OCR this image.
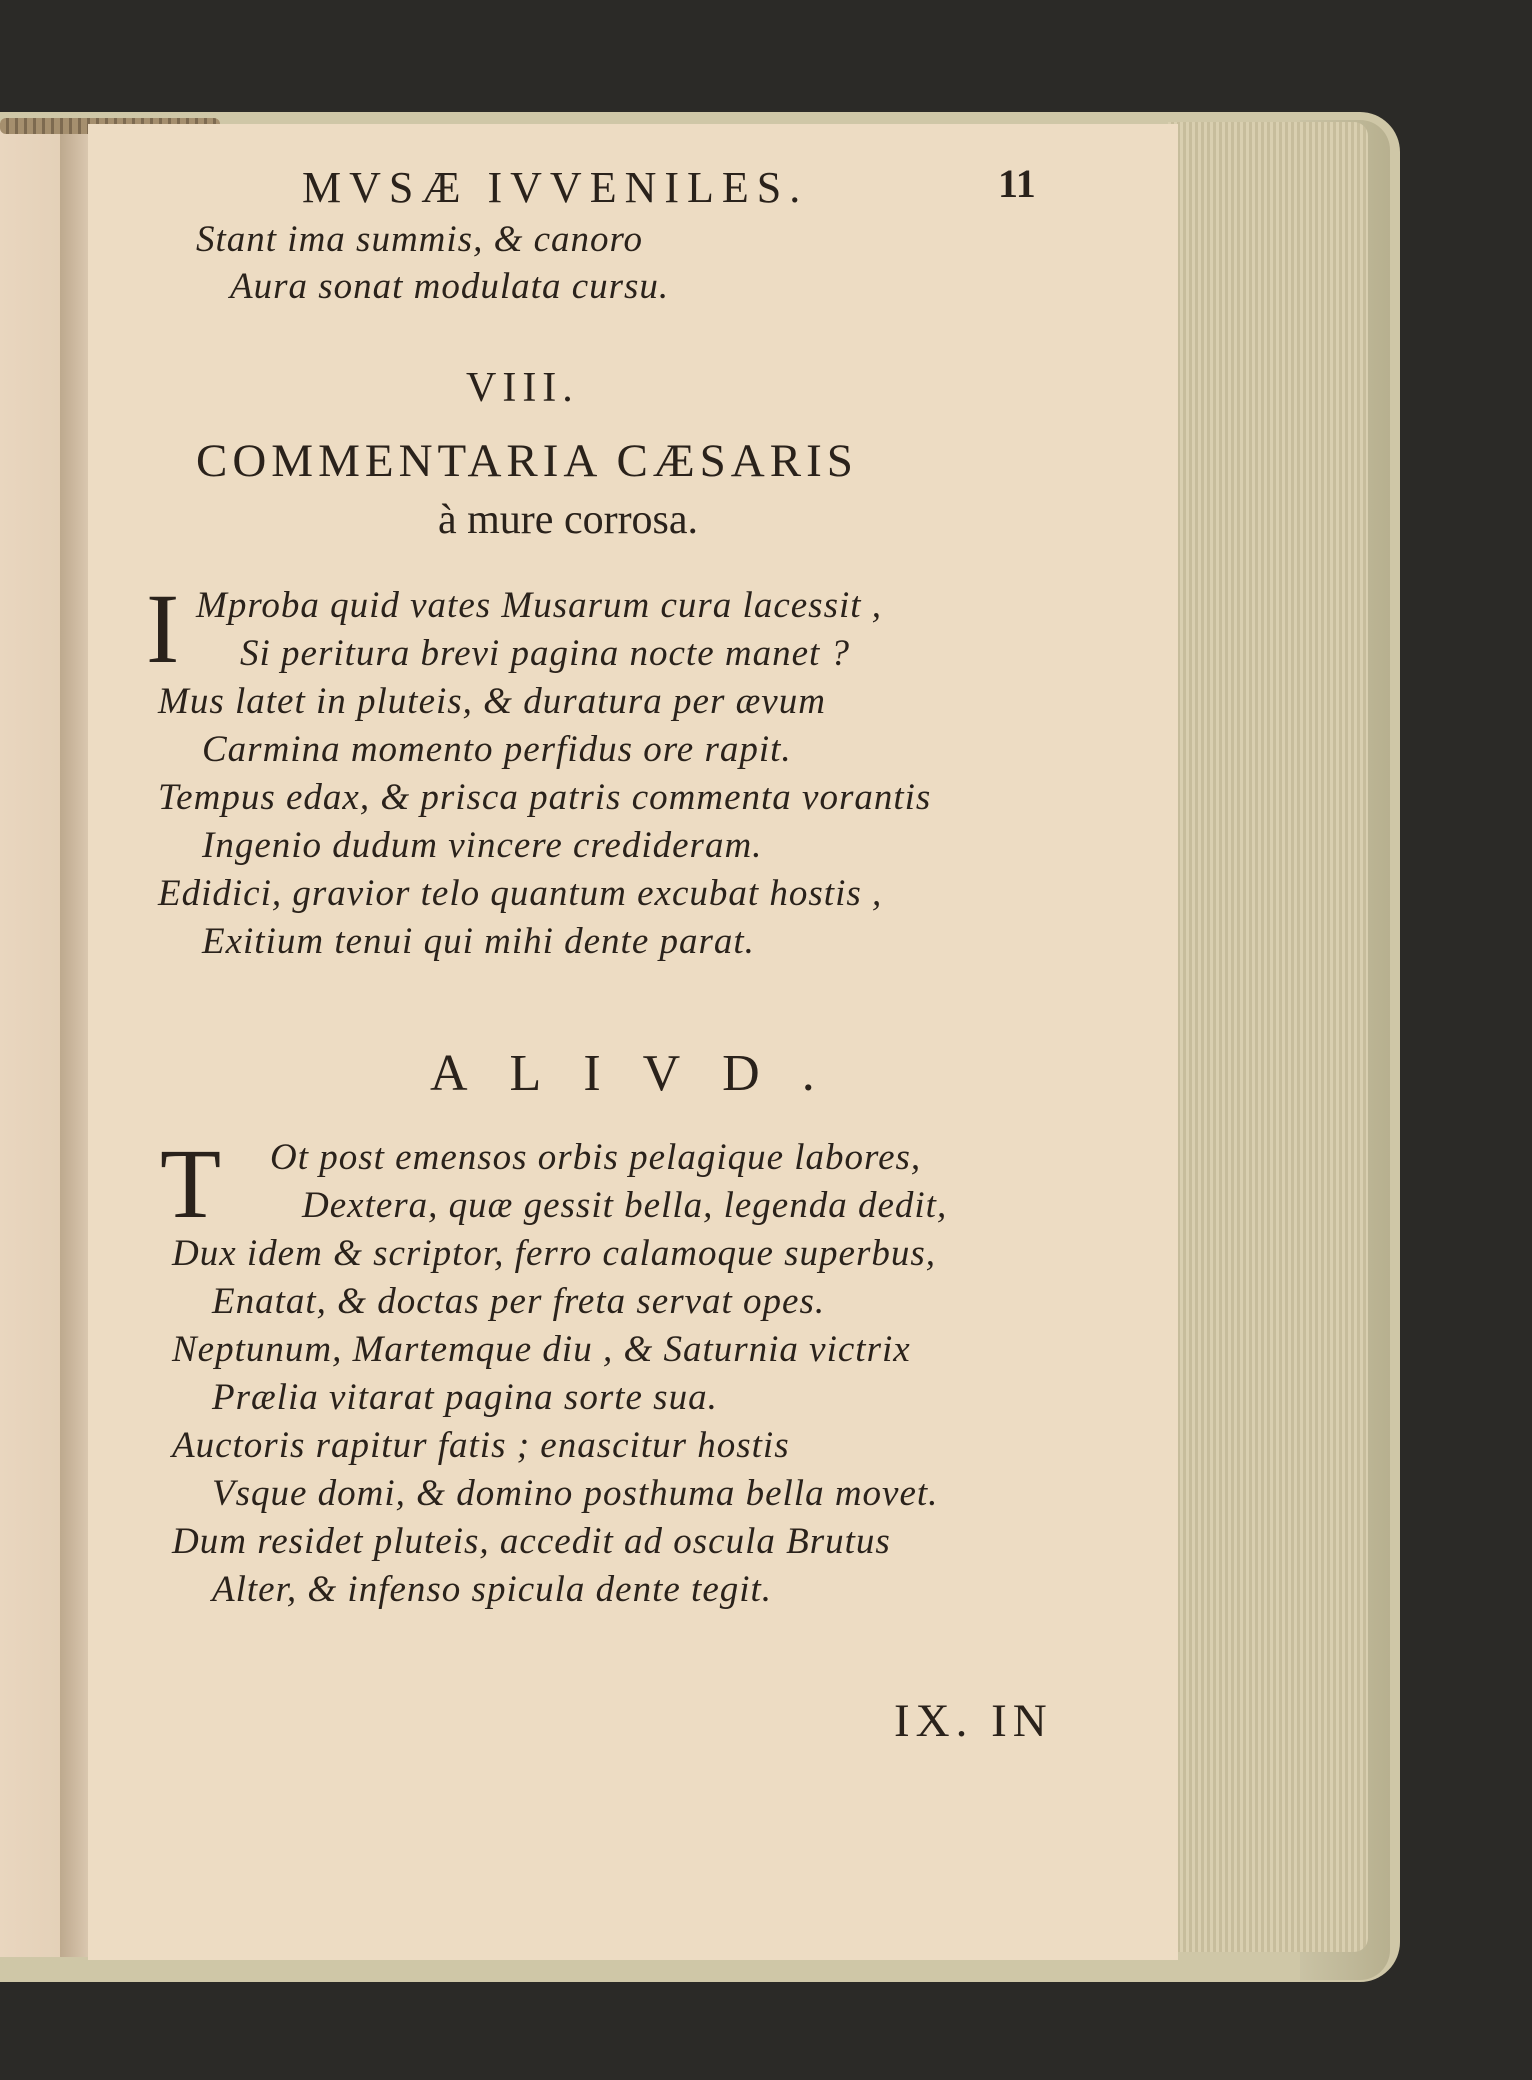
MVSÆ IVVENILES.	11
Stant ima summis, & canoro
Aura sonat modulata cursu.
VIII.
COMMENTARIA CÆSARIS
à mure corrosa.
I Mproba quid vates Musarum cura lacessit ,
Si peritura brevi pagina nocte manet ?
Mus latet in pluteis, & duratura per ævum
Carmina momento perfidus ore rapit.
Tempus edax, & prisca patris commenta vorantis
Ingenio dudum vincere credideram.
Edidici, gravior telo quantum excubat hostis ,
Exitium tenui qui mihi dente parat.
ALIVD.
T Ot post emensos orbis pelagique labores,
Dextera, quæ gessit bella, legenda dedit,
Dux idem & scriptor, ferro calamoque superbus,
Enatat, & doctas per freta servat opes.
Neptunum, Martemque diu , & Saturnia victrix
Prælia vitarat pagina sorte sua.
Auctoris rapitur fatis ; enascitur hostis
Vsque domi, & domino posthuma bella movet.
Dum residet pluteis, accedit ad oscula Brutus
Alter, & infenso spicula dente tegit.
IX. IN
